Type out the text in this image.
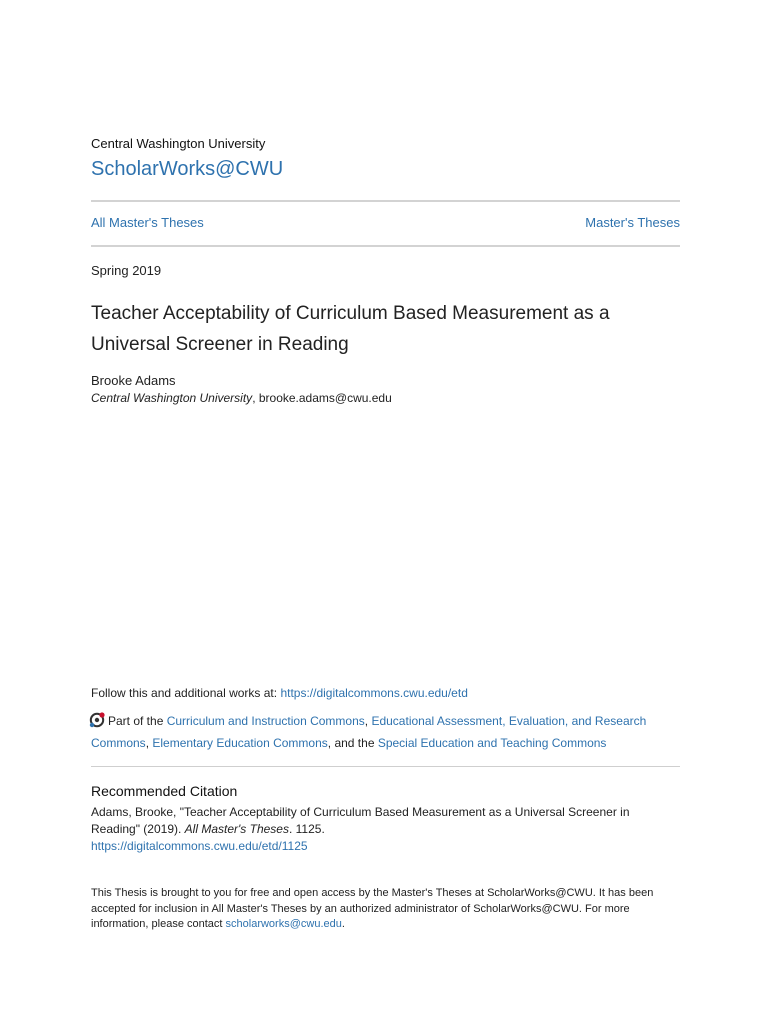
Central Washington University
ScholarWorks@CWU
All Master's Theses	Master's Theses
Spring 2019
Teacher Acceptability of Curriculum Based Measurement as a Universal Screener in Reading
Brooke Adams
Central Washington University, brooke.adams@cwu.edu
Follow this and additional works at: https://digitalcommons.cwu.edu/etd
Part of the Curriculum and Instruction Commons, Educational Assessment, Evaluation, and Research Commons, Elementary Education Commons, and the Special Education and Teaching Commons
Recommended Citation
Adams, Brooke, "Teacher Acceptability of Curriculum Based Measurement as a Universal Screener in Reading" (2019). All Master's Theses. 1125.
https://digitalcommons.cwu.edu/etd/1125
This Thesis is brought to you for free and open access by the Master's Theses at ScholarWorks@CWU. It has been accepted for inclusion in All Master's Theses by an authorized administrator of ScholarWorks@CWU. For more information, please contact scholarworks@cwu.edu.
